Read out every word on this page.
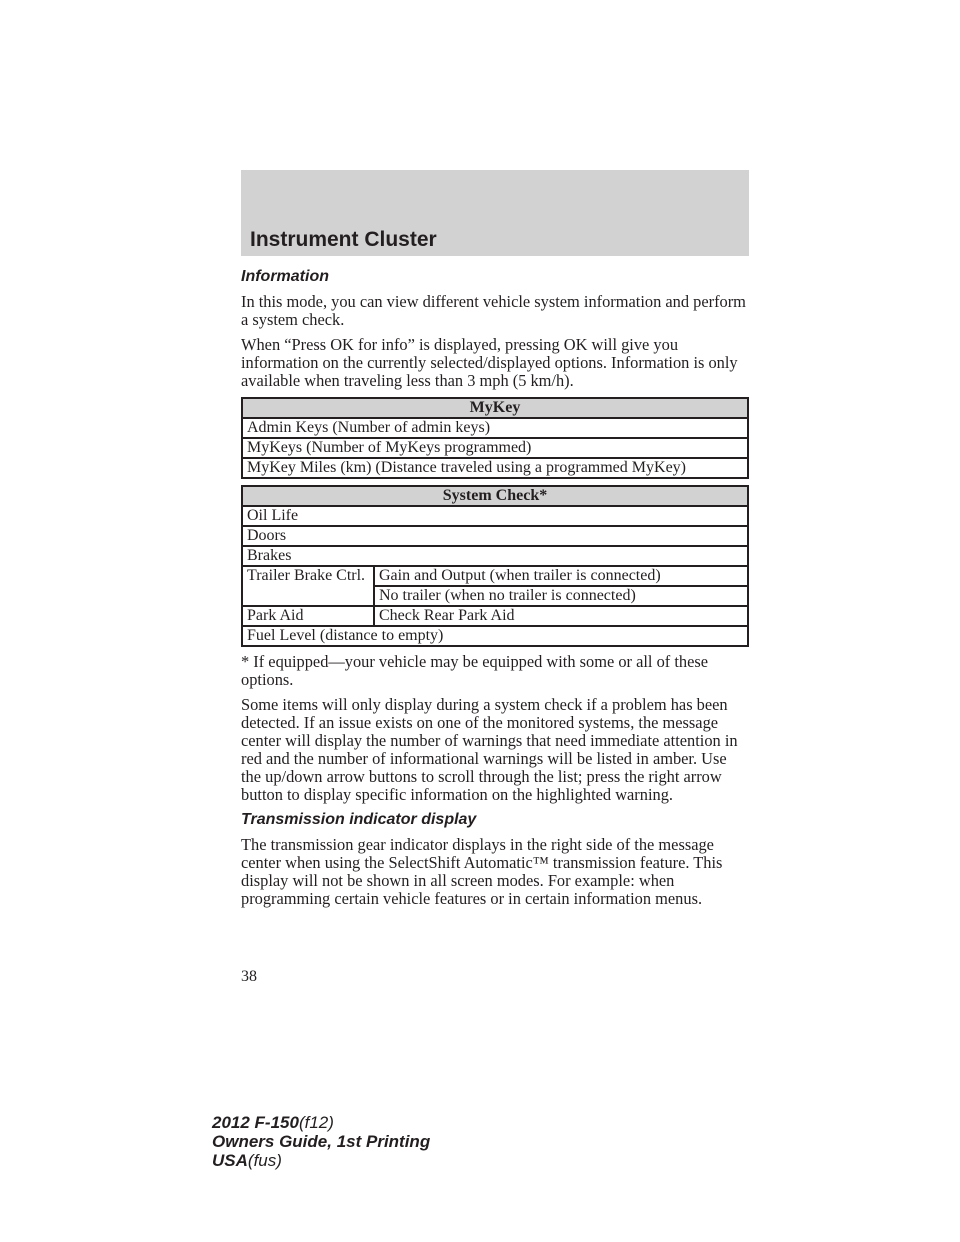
Instrument Cluster
Information

In this mode, you can view different vehicle system information and perform a system check.

When “Press OK for info” is displayed, pressing OK will give you information on the currently selected/displayed options. Information is only available when traveling less than 3 mph (5 km/h).

MyKey
Admin Keys (Number of admin keys)
MyKeys (Number of MyKeys programmed)
MyKey Miles (km) (Distance traveled using a programmed MyKey)
System Check*	
Oil Life	
Doors	
Brakes	
Trailer Brake Ctrl.	Gain and Output (when trailer is connected)
	No trailer (when no trailer is connected)
Park Aid	Check Rear Park Aid
Fuel Level (distance to empty)	

* If equipped—your vehicle may be equipped with some or all of these options.

Some items will only display during a system check if a problem has been detected. If an issue exists on one of the monitored systems, the message center will display the number of warnings that need immediate attention in red and the number of informational warnings will be listed in amber. Use the up/down arrow buttons to scroll through the list; press the right arrow button to display specific information on the highlighted warning.

Transmission indicator display

The transmission gear indicator displays in the right side of the message center when using the SelectShift Automatic™ transmission feature. This display will not be shown in all screen modes. For example: when programming certain vehicle features or in certain information menus.

38
2012 F-150(f12)
Owners Guide, 1st Printing
USA(fus)
